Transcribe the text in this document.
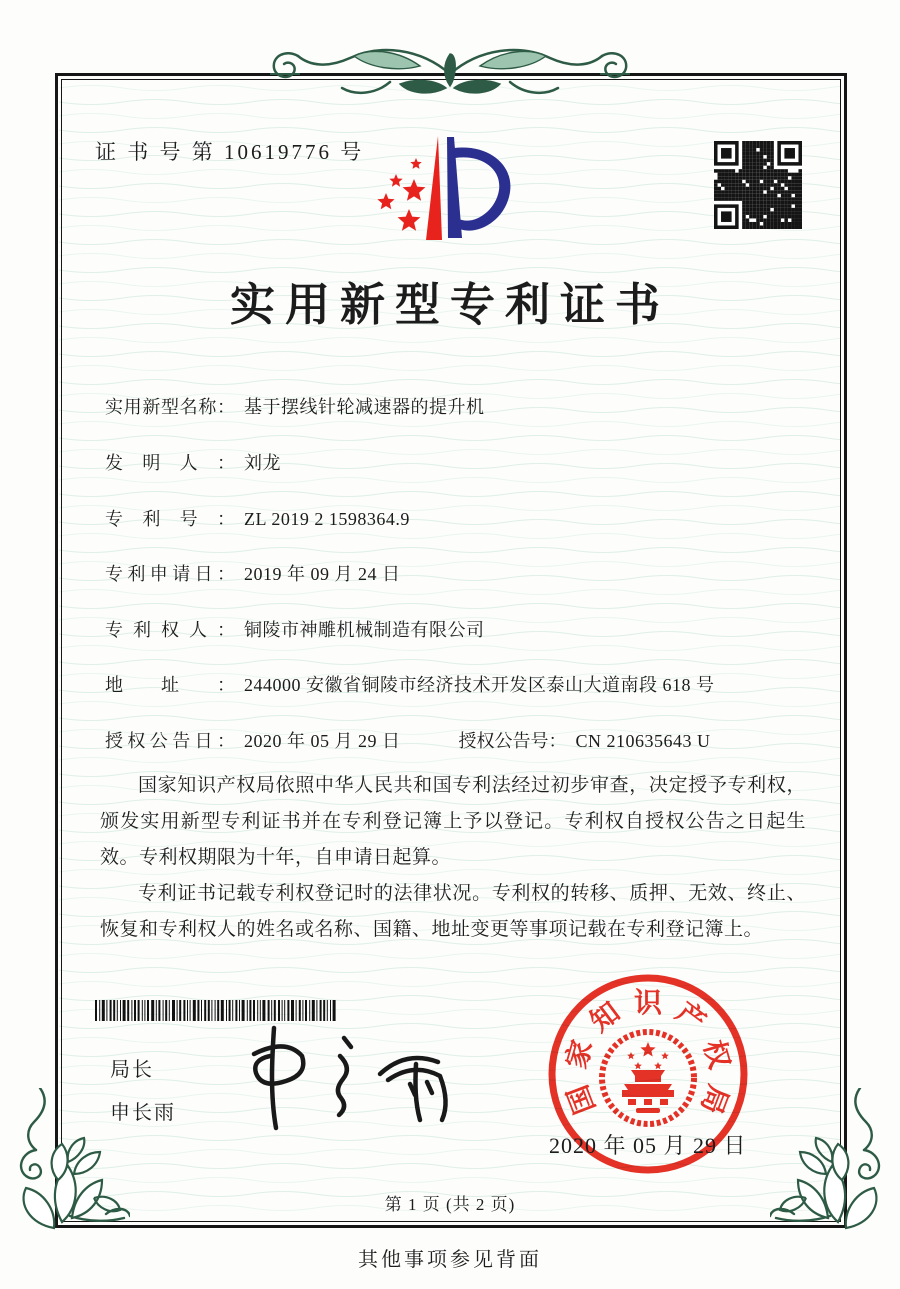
证 书 号 第 10619776 号
实用新型专利证书
实用新型名称： 基于摆线针轮减速器的提升机
发明人： 刘龙
专利号： ZL 2019 2 1598364.9
专利申请日： 2019 年 09 月 24 日
专利权人： 铜陵市神雕机械制造有限公司
地址： 244000 安徽省铜陵市经济技术开发区泰山大道南段 618 号
授权公告日： 2020 年 05 月 29 日	授权公告号： CN 210635643 U

国家知识产权局依照中华人民共和国专利法经过初步审查，决定授予专利权，颁发实用新型专利证书并在专利登记簿上予以登记。专利权自授权公告之日起生效。专利权期限为十年，自申请日起算。

专利证书记载专利权登记时的法律状况。专利权的转移、质押、无效、终止、恢复和专利权人的姓名或名称、国籍、地址变更等事项记载在专利登记簿上。

局长
申长雨	国
家
知 识 产
权
局
2020 年 05 月 29 日
第 1 页 (共 2 页)
其他事项参见背面
